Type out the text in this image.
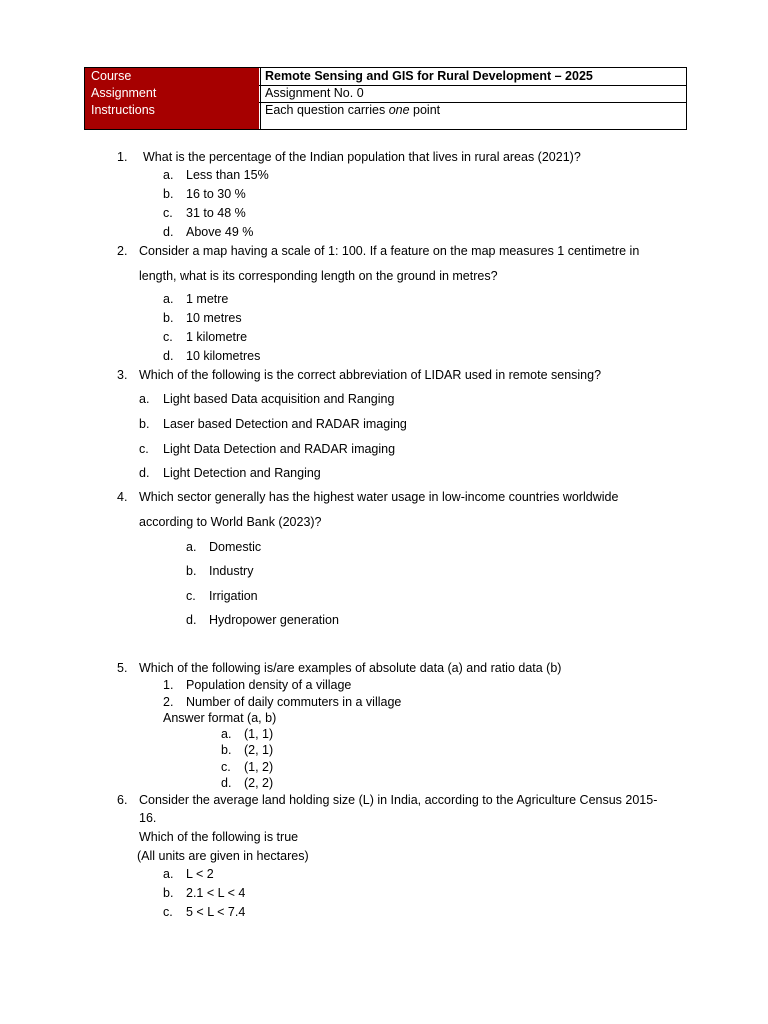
Course	Remote Sensing and GIS for Rural Development – 2025
Assignment	Assignment No. 0
Instructions	Each question carries one point
1. What is the percentage of the Indian population that lives in rural areas (2021)?
a. Less than 15%
b. 16 to 30 %
c. 31 to 48 %
d. Above 49 %
2. Consider a map having a scale of 1: 100. If a feature on the map measures 1 centimetre in
length, what is its corresponding length on the ground in metres?
a. 1 metre
b. 10 metres
c. 1 kilometre
d. 10 kilometres
3. Which of the following is the correct abbreviation of LIDAR used in remote sensing?
a. Light based Data acquisition and Ranging
b. Laser based Detection and RADAR imaging
c. Light Data Detection and RADAR imaging
d. Light Detection and Ranging
4. Which sector generally has the highest water usage in low-income countries worldwide
according to World Bank (2023)?
a. Domestic
b. Industry
c. Irrigation
d. Hydropower generation
5. Which of the following is/are examples of absolute data (a) and ratio data (b)
1. Population density of a village
2. Number of daily commuters in a village
Answer format (a, b)
a. (1, 1)
b. (2, 1)
c. (1, 2)
d. (2, 2)
6. Consider the average land holding size (L) in India, according to the Agriculture Census 2015-
16.
Which of the following is true
(All units are given in hectares)
a. L < 2
b. 2.1 < L < 4
c. 5 < L < 7.4
